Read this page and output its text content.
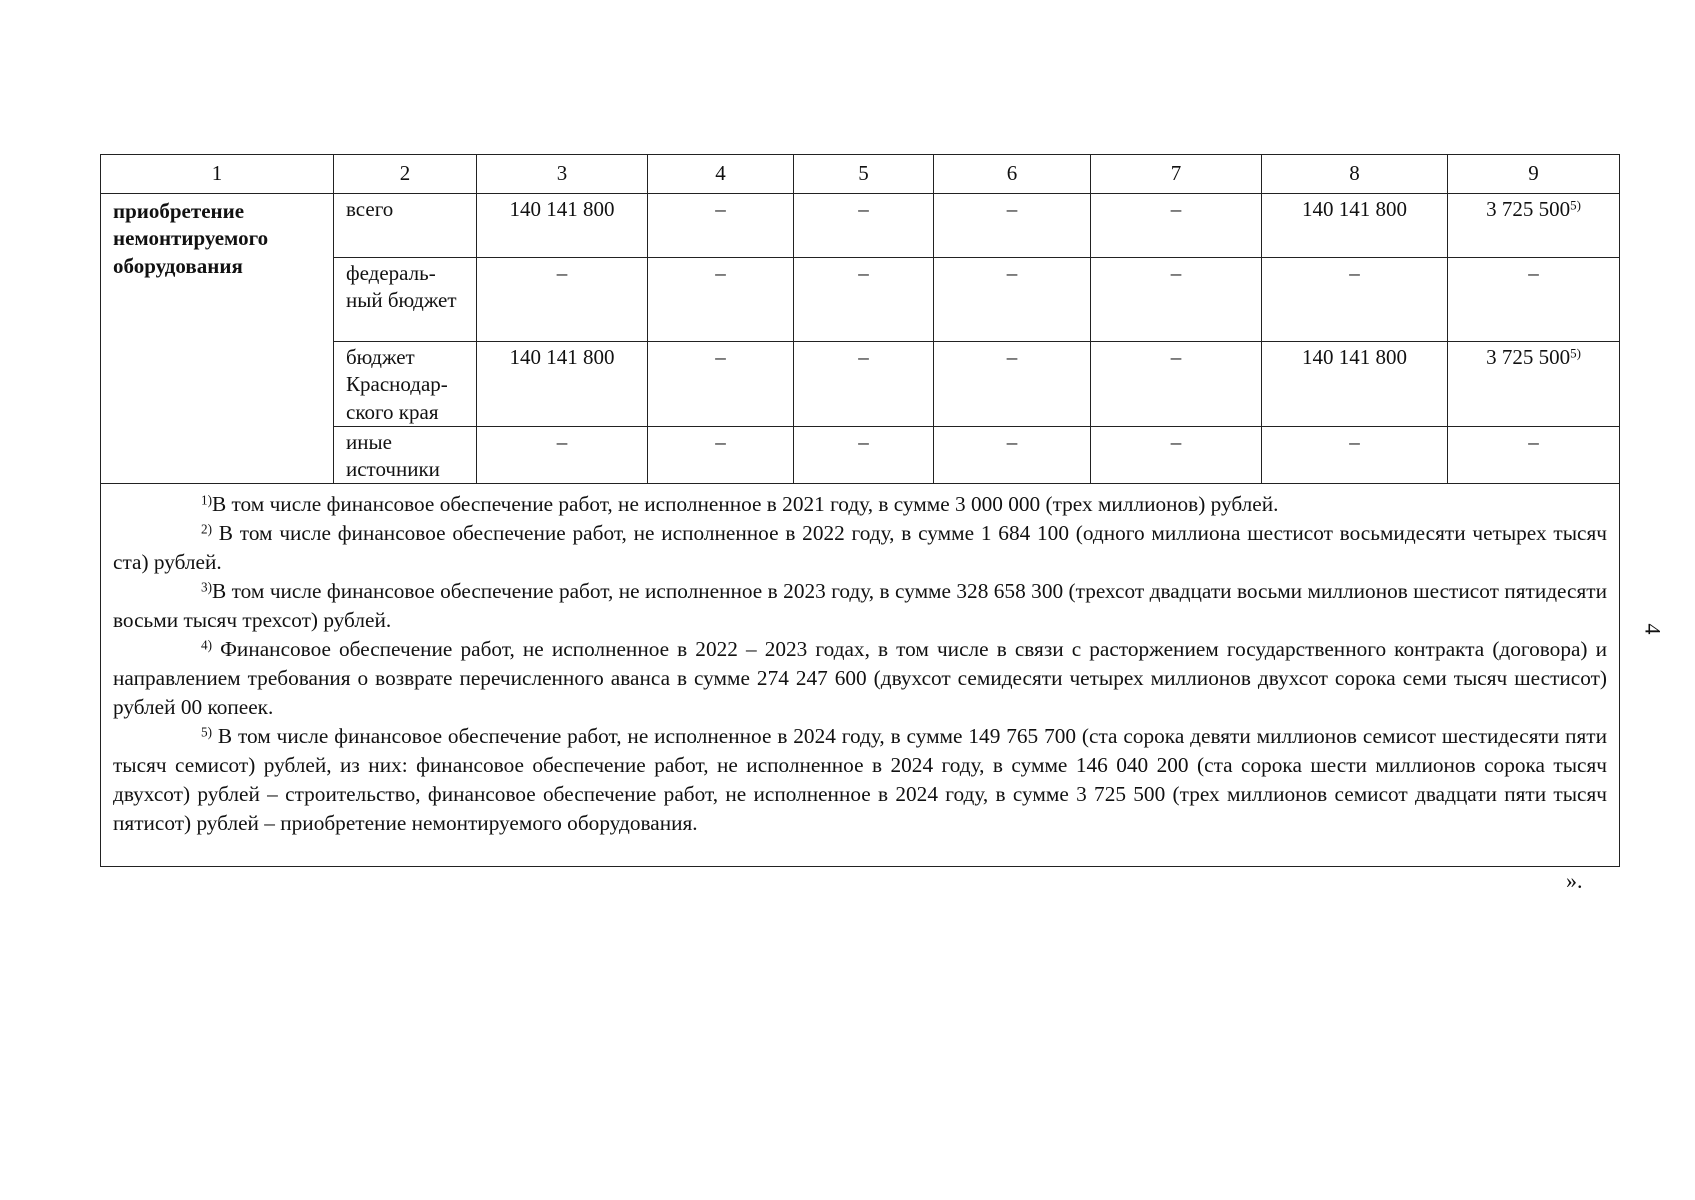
1	2	3	4	5	6	7	8	9
приобретение немонтируемого оборудования	всего	140 141 800	–	–	–	–	140 141 800	3 725 500$^{5)}$
	федераль-ный бюджет	–	–	–	–	–	–	–
	бюджет Краснодар-ского края	140 141 800	–	–	–	–	140 141 800	3 725 500$^{5)}$
	иные источники	–	–	–	–	–	–	–

$^{1)}$В том числе финансовое обеспечение работ, не исполненное в 2021 году, в сумме 3 000 000 (трех миллионов) рублей.

$^{2)}$ В том числе финансовое обеспечение работ, не исполненное в 2022 году, в сумме 1 684 100 (одного миллиона шестисот восьмидесяти четырех тысяч ста) рублей.

$^{3)}$В том числе финансовое обеспечение работ, не исполненное в 2023 году, в сумме 328 658 300 (трехсот двадцати восьми миллионов шестисот пятидесяти восьми тысяч трехсот) рублей.

$^{4)}$ Финансовое обеспечение работ, не исполненное в 2022 – 2023 годах, в том числе в связи с расторжением государственного контракта (договора) и направлением требования о возврате перечисленного аванса в сумме 274 247 600 (двухсот семидесяти четырех миллионов двухсот сорока семи тысяч шестисот) рублей 00 копеек.

$^{5)}$ В том числе финансовое обеспечение работ, не исполненное в 2024 году, в сумме 149 765 700 (ста сорока девяти миллионов семисот шестидесяти пяти тысяч семисот) рублей, из них: финансовое обеспечение работ, не исполненное в 2024 году, в сумме 146 040 200 (ста сорока шести миллионов сорока тысяч двухсот) рублей – строительство, финансовое обеспечение работ, не исполненное в 2024 году, в сумме 3 725 500 (трех миллионов семисот двадцати пяти тысяч пятисот) рублей – приобретение немонтируемого оборудования.								

4
».
